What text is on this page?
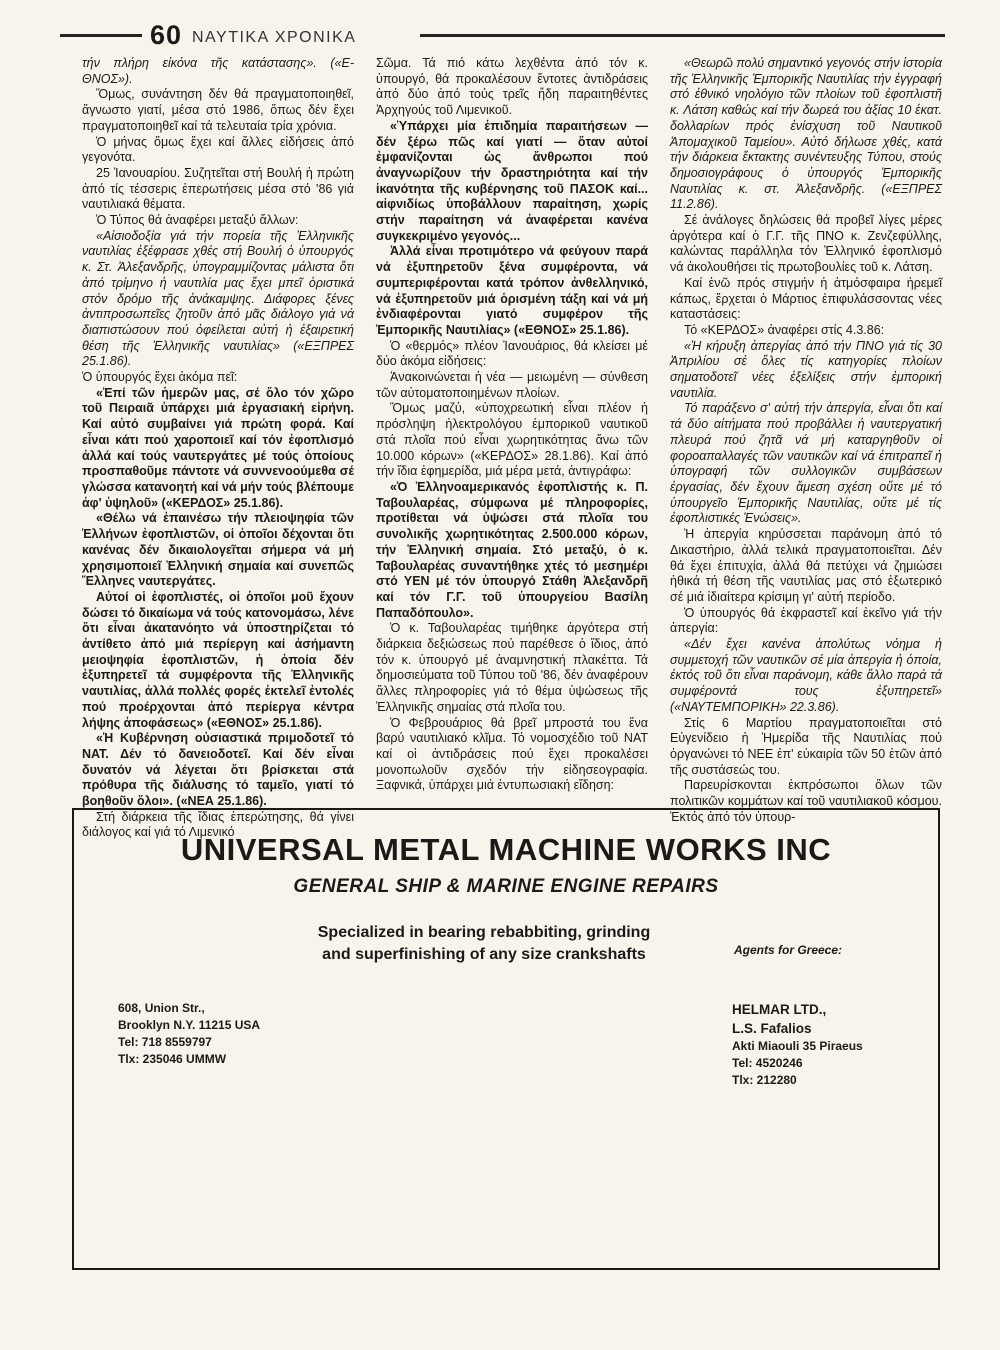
60 ΝΑΥΤΙΚΑ ΧΡΟΝΙΚΑ

τήν πλήρη εἰκόνα τῆς κατάστασης». («Ε-ΘΝΟΣ»).

Ὅμως, συνάντηση δέν θά πραγματοποιηθεῖ, ἄγνωστο γιατί, μέσα στό 1986, ὅπως δέν ἔχει πραγματοποιηθεῖ καί τά τελευταία τρία χρόνια.

Ὁ μήνας ὅμως ἔχει καί ἄλλες εἰδήσεις ἀπό γεγονότα.

25 Ἰανουαρίου. Συζητεῖται στή Βουλή ἡ πρώτη ἀπό τίς τέσσερις ἐπερωτήσεις μέσα στό '86 γιά ναυτιλιακά θέματα.

Ὁ Τύπος θά ἀναφέρει μεταξύ ἄλλων:

«Αἰσιοδοξία γιά τήν πορεία τῆς Ἑλληνικῆς ναυτιλίας ἐξέφρασε χθές στή Βουλή ὁ ὑπουργός κ. Στ. Ἀλεξανδρῆς, ὑπογραμμίζοντας μάλιστα ὅτι ἀπό τρίμηνο ἡ ναυτιλία μας ἔχει μπεῖ ὁριστικά στόν δρόμο τῆς ἀνάκαμψης. Διάφορες ξένες ἀντιπροσωπεῖες ζητοῦν ἀπό μᾶς διάλογο γιά νά διαπιστώσουν πού ὀφείλεται αὐτή ἡ ἐξαιρετική θέση τῆς Ἑλληνικῆς ναυτιλίας» («ΕΞΠΡΕΣ 25.1.86).

Ὁ ὑπουργός ἔχει ἀκόμα πεῖ:

«Ἐπί τῶν ἡμερῶν μας, σέ ὅλο τόν χῶρο τοῦ Πειραιᾶ ὑπάρχει μιά ἐργασιακή εἰρήνη. Καί αὐτό συμβαίνει γιά πρώτη φορά. Καί εἶναι κάτι πού χαροποιεῖ καί τόν ἐφοπλισμό ἀλλά καί τούς ναυτεργάτες μέ τούς ὁποίους προσπαθοῦμε πάντοτε νά συννενοούμεθα σέ γλώσσα κατανοητή καί νά μήν τούς βλέπουμε ἀφ' ὑψηλοῦ» («ΚΕΡΔΟΣ» 25.1.86).

«Θέλω νά ἐπαινέσω τήν πλειοψηφία τῶν Ἑλλήνων ἐφοπλιστῶν, οἱ ὁποῖοι δέχονται ὅτι κανένας δέν δικαιολογεῖται σήμερα νά μή χρησιμοποιεῖ Ἑλληνική σημαία καί συνεπῶς Ἕλληνες ναυτεργάτες.

Αὐτοί οἱ ἐφοπλιστές, οἱ ὁποῖοι μοῦ ἔχουν δώσει τό δικαίωμα νά τούς κατονομάσω, λένε ὅτι εἶναι ἀκατανόητο νά ὑποστηρίζεται τό ἀντίθετο ἀπό μιά περίεργη καί ἀσήμαντη μειοψηφία ἐφοπλιστῶν, ἡ ὁποία δέν ἐξυπηρετεῖ τά συμφέροντα τῆς Ἑλληνικῆς ναυτιλίας, ἀλλά πολλές φορές ἐκτελεῖ ἐντολές πού προέρχονται ἀπό περίεργα κέντρα λήψης ἀποφάσεως» («ΕΘΝΟΣ» 25.1.86).

«Ἡ Κυβέρνηση οὐσιαστικά πριμοδοτεῖ τό ΝΑΤ. Δέν τό δανειοδοτεῖ. Καί δέν εἶναι δυνατόν νά λέγεται ὅτι βρίσκεται στά πρόθυρα τῆς διάλυσης τό ταμεῖο, γιατί τό βοηθοῦν ὅλοι». («ΝΕΑ 25.1.86).

Στή διάρκεια τῆς ἴδιας ἐπερώτησης, θά γίνει διάλογος καί γιά τό Λιμενικό

Σῶμα. Τά πιό κάτω λεχθέντα ἀπό τόν κ. ὑπουργό, θά προκαλέσουν ἔντοτες ἀντιδράσεις ἀπό δύο ἀπό τούς τρεῖς ἤδη παραιτηθέντες Ἀρχηγούς τοῦ Λιμενικοῦ.

«Ὑπάρχει μία ἐπιδημία παραιτήσεων — δέν ξέρω πῶς καί γιατί — ὅταν αὐτοί ἐμφανίζονται ὡς ἄνθρωποι πού ἀναγνωρίζουν τήν δραστηριότητα καί τήν ἱκανότητα τῆς κυβέρνησης τοῦ ΠΑΣΟΚ καί... αἰφνιδίως ὑποβάλλουν παραίτηση, χωρίς στήν παραίτηση νά ἀναφέρεται κανένα συγκεκριμένο γεγονός...

Ἀλλά εἶναι προτιμότερο νά φεύγουν παρά νά ἐξυπηρετοῦν ξένα συμφέροντα, νά συμπεριφέρονται κατά τρόπον ἀνθελληνικό, νά ἐξυπηρετοῦν μιά ὁρισμένη τάξη καί νά μή ἐνδιαφέρονται γιατό συμφέρον τῆς Ἐμπορικῆς Ναυτιλίας» («ΕΘΝΟΣ» 25.1.86).

Ὁ «θερμός» πλέον Ἰανουάριος, θά κλείσει μέ δύο ἀκόμα εἰδήσεις:

Ἀνακοινώνεται ἡ νέα — μειωμένη — σύνθεση τῶν αὐτοματοποιημένων πλοίων.

Ὅμως μαζύ, «ὑποχρεωτική εἶναι πλέον ἡ πρόσληψη ἠλεκτρολόγου ἐμπορικοῦ ναυτικοῦ στά πλοῖα πού εἶναι χωρητικότητας ἄνω τῶν 10.000 κόρων» («ΚΕΡΔΟΣ» 28.1.86). Καί ἀπό τήν ἴδια ἐφημερίδα, μιά μέρα μετά, ἀντιγράφω:

«Ὁ Ἑλληνοαμερικανός ἐφοπλιστής κ. Π. Ταβουλαρέας, σύμφωνα μέ πληροφορίες, προτίθεται νά ὑψώσει στά πλοῖα του συνολικῆς χωρητικότητας 2.500.000 κόρων, τήν Ἑλληνική σημαία. Στό μεταξύ, ὁ κ. Ταβουλαρέας συναντήθηκε χτές τό μεσημέρι στό ΥΕΝ μέ τόν ὑπουργό Στάθη Ἀλεξανδρῆ καί τόν Γ.Γ. τοῦ ὑπουργείου Βασίλη Παπαδόπουλο».

Ὁ κ. Ταβουλαρέας τιμήθηκε ἀργότερα στή διάρκεια δεξιώσεως πού παρέθεσε ὁ ἴδιος, ἀπό τόν κ. ὑπουργό μέ ἀναμνηστική πλακέττα. Τά δημοσιεύματα τοῦ Τύπου τοῦ '86, δέν ἀναφέρουν ἄλλες πληροφορίες γιά τό θέμα ὑψώσεως τῆς Ἑλληνικῆς σημαίας στά πλοῖα του.

Ὁ Φεβρουάριος θά βρεῖ μπροστά του ἕνα βαρύ ναυτιλιακό κλῖμα. Τό νομοσχέδιο τοῦ ΝΑΤ καί οἱ ἀντιδράσεις πού ἔχει προκαλέσει μονοπωλοῦν σχεδόν τήν εἰδησεογραφία. Ξαφνικά, ὑπάρχει μιά ἐντυπωσιακή εἴδηση:

«Θεωρῶ πολύ σημαντικό γεγονός στήν ἱστορία τῆς Ἑλληνικῆς Ἐμπορικῆς Ναυτιλίας τήν ἐγγραφή στό ἐθνικό νηολόγιο τῶν πλοίων τοῦ ἐφοπλιστῆ κ. Λάτση καθώς καί τήν δωρεά του ἀξίας 10 ἑκατ. δολλαρίων πρός ἐνίσχυση τοῦ Ναυτικοῦ Ἀπομαχικοῦ Ταμείου». Αὐτό δήλωσε χθές, κατά τήν διάρκεια ἔκτακτης συνέντευξης Τύπου, στούς δημοσιογράφους ὁ ὑπουργός Ἐμπορικῆς Ναυτιλίας κ. στ. Ἀλεξανδρῆς. («ΕΞΠΡΕΣ 11.2.86).

Σέ ἀνάλογες δηλώσεις θά προβεῖ λίγες μέρες ἀργότερα καί ὁ Γ.Γ. τῆς ΠΝΟ κ. Ζενζεφύλλης, καλώντας παράλληλα τόν Ἑλληνικό ἐφοπλισμό νά ἀκολουθήσει τίς πρωτοβουλίες τοῦ κ. Λάτση.

Καί ἐνῶ πρός στιγμήν ἡ ἀτμόσφαιρα ἠρεμεῖ κάπως, ἔρχεται ὁ Μάρτιος ἐπιφυλάσσοντας νέες καταστάσεις:

Τό «ΚΕΡΔΟΣ» ἀναφέρει στίς 4.3.86:

«Ἡ κήρυξη ἀπεργίας ἀπό τήν ΠΝΟ γιά τίς 30 Ἀπριλίου σέ ὅλες τίς κατηγορίες πλοίων σηματοδοτεῖ νέες ἐξελίξεις στήν ἐμπορική ναυτιλία.

Τό παράξενο σ' αὐτή τήν ἀπεργία, εἶναι ὅτι καί τά δύο αἰτήματα πού προβάλλει ἡ ναυτεργατική πλευρά πού ζητᾶ νά μή καταργηθοῦν οἱ φοροαπαλλαγές τῶν ναυτικῶν καί νά ἐπιτραπεῖ ἡ ὑπογραφή τῶν συλλογικῶν συμβάσεων ἐργασίας, δέν ἔχουν ἄμεση σχέση οὔτε μέ τό ὑπουργεῖο Ἐμπορικῆς Ναυτιλίας, οὔτε μέ τίς ἐφοπλιστικές Ἑνώσεις».

Ἡ ἀπεργία κηρύσσεται παράνομη ἀπό τό Δικαστήριο, ἀλλά τελικά πραγματοποιεῖται. Δέν θά ἔχει ἐπιτυχία, ἀλλά θά πετύχει νά ζημιώσει ἠθικά τή θέση τῆς ναυτιλίας μας στό ἐξωτερικό σέ μιά ἰδιαίτερα κρίσιμη γι' αὐτή περίοδο.

Ὁ ὑπουργός θά ἐκφραστεῖ καί ἐκεῖνο γιά τήν ἀπεργία:

«Δέν ἔχει κανένα ἀπολύτως νόημα ἡ συμμετοχή τῶν ναυτικῶν σέ μία ἀπεργία ἡ ὁποία, ἐκτός τοῦ ὅτι εἶναι παράνομη, κάθε ἄλλο παρά τά συμφέροντά τους ἐξυπηρετεῖ» («ΝΑΥΤΕΜΠΟΡΙΚΗ» 22.3.86).

Στίς 6 Μαρτίου πραγματοποιεῖται στό Εὐγενίδειο ἡ Ἡμερίδα τῆς Ναυτιλίας πού ὀργανώνει τό ΝΕΕ ἐπ' εὐκαιρία τῶν 50 ἐτῶν ἀπό τῆς συστάσεώς του.

Παρευρίσκονται ἐκπρόσωποι ὅλων τῶν πολιτικῶν κομμάτων καί τοῦ ναυτιλιακοῦ κόσμου. Ἐκτός ἀπό τόν ὑπουρ-

UNIVERSAL METAL MACHINE WORKS INC
GENERAL SHIP & MARINE ENGINE REPAIRS
Specialized in bearing rebabbiting, grinding
and superfinishing of any size crankshafts	Agents for Greece:
608, Union Str.,
Brooklyn N.Y. 11215 USA
Tel: 718 8559797
Tlx: 235046 UMMW
HELMAR LTD.,
L.S. Fafalios
Akti Miaouli 35 Piraeus
Tel: 4520246
Tlx: 212280
